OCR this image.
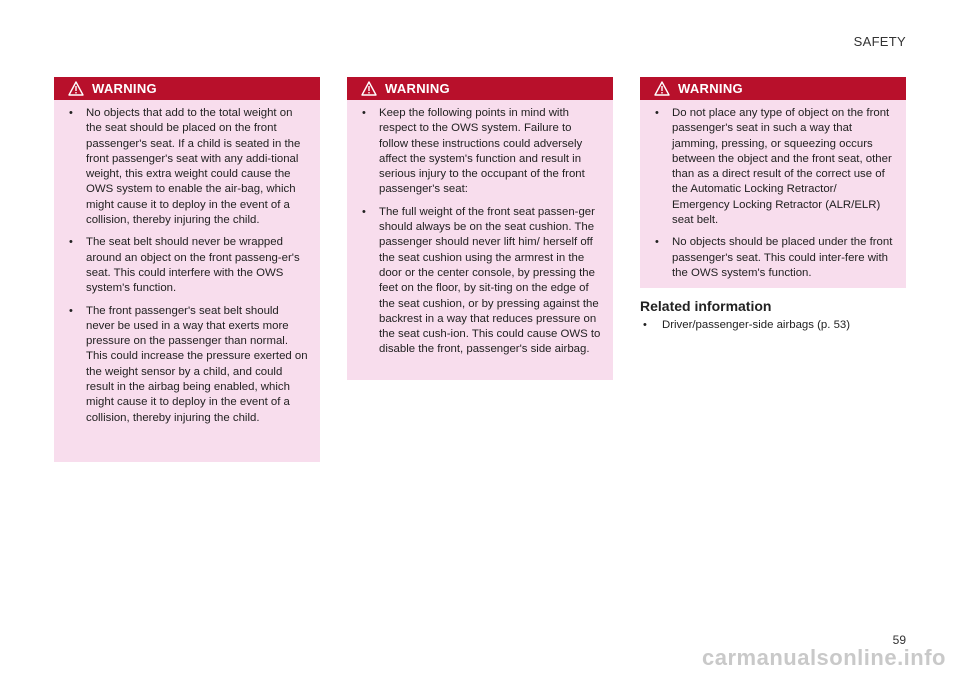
SAFETY
WARNING
• No objects that add to the total weight on the seat should be placed on the front passenger's seat. If a child is seated in the front passenger's seat with any addi-tional weight, this extra weight could cause the OWS system to enable the air-bag, which might cause it to deploy in the event of a collision, thereby injuring the child.
• The seat belt should never be wrapped around an object on the front passeng-er's seat. This could interfere with the OWS system's function.
• The front passenger's seat belt should never be used in a way that exerts more pressure on the passenger than normal. This could increase the pressure exerted on the weight sensor by a child, and could result in the airbag being enabled, which might cause it to deploy in the event of a collision, thereby injuring the child.
WARNING
• Keep the following points in mind with respect to the OWS system. Failure to follow these instructions could adversely affect the system's function and result in serious injury to the occupant of the front passenger's seat:
• The full weight of the front seat passen-ger should always be on the seat cushion. The passenger should never lift him/ herself off the seat cushion using the armrest in the door or the center console, by pressing the feet on the floor, by sit-ting on the edge of the seat cushion, or by pressing against the backrest in a way that reduces pressure on the seat cush-ion. This could cause OWS to disable the front, passenger's side airbag.
WARNING
• Do not place any type of object on the front passenger's seat in such a way that jamming, pressing, or squeezing occurs between the object and the front seat, other than as a direct result of the correct use of the Automatic Locking Retractor/ Emergency Locking Retractor (ALR/ELR) seat belt.
• No objects should be placed under the front passenger's seat. This could inter-fere with the OWS system's function.
Related information
• Driver/passenger-side airbags (p. 53)
59
carmanualsonline.info
